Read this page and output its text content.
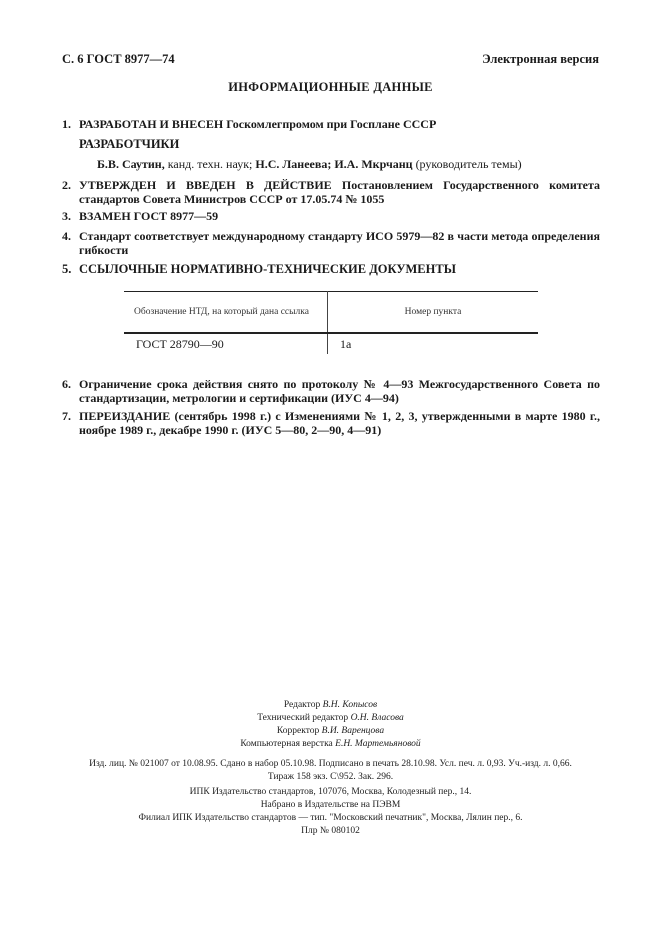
С. 6 ГОСТ 8977—74	Электронная версия
ИНФОРМАЦИОННЫЕ ДАННЫЕ
1. РАЗРАБОТАН И ВНЕСЕН Госкомлегпромом при Госплане СССР
РАЗРАБОТЧИКИ
Б.В. Саутин, канд. техн. наук; Н.С. Ланеева; И.А. Мкрчанц (руководитель темы)
2. УТВЕРЖДЕН И ВВЕДЕН В ДЕЙСТВИЕ Постановлением Государственного комитета стандартов Совета Министров СССР от 17.05.74 № 1055
3. ВЗАМЕН ГОСТ 8977—59
4. Стандарт соответствует международному стандарту ИСО 5979—82 в части метода определения гибкости
5. ССЫЛОЧНЫЕ НОРМАТИВНО-ТЕХНИЧЕСКИЕ ДОКУМЕНТЫ
Обозначение НТД, на который дана ссылка	Номер пункта
ГОСТ 28790—90	1а
6. Ограничение срока действия снято по протоколу № 4—93 Межгосударственного Совета по стандартизации, метрологии и сертификации (ИУС 4—94)
7. ПЕРЕИЗДАНИЕ (сентябрь 1998 г.) с Изменениями № 1, 2, 3, утвержденными в марте 1980 г., ноябре 1989 г., декабре 1990 г. (ИУС 5—80, 2—90, 4—91)
Редактор В.Н. Копысов
Технический редактор О.Н. Власова
Корректор В.И. Варенцова
Компьютерная верстка Е.Н. Мартемьяновой
Изд. лиц. № 021007 от 10.08.95. Сдано в набор 05.10.98. Подписано в печать 28.10.98. Усл. печ. л. 0,93. Уч.-изд. л. 0,66.
Тираж 158 экз. С\952. Зак. 296.
ИПК Издательство стандартов, 107076, Москва, Колодезный пер., 14.
Набрано в Издательстве на ПЭВМ
Филиал ИПК Издательство стандартов — тип. "Московский печатник", Москва, Лялин пер., 6.
Плр № 080102
